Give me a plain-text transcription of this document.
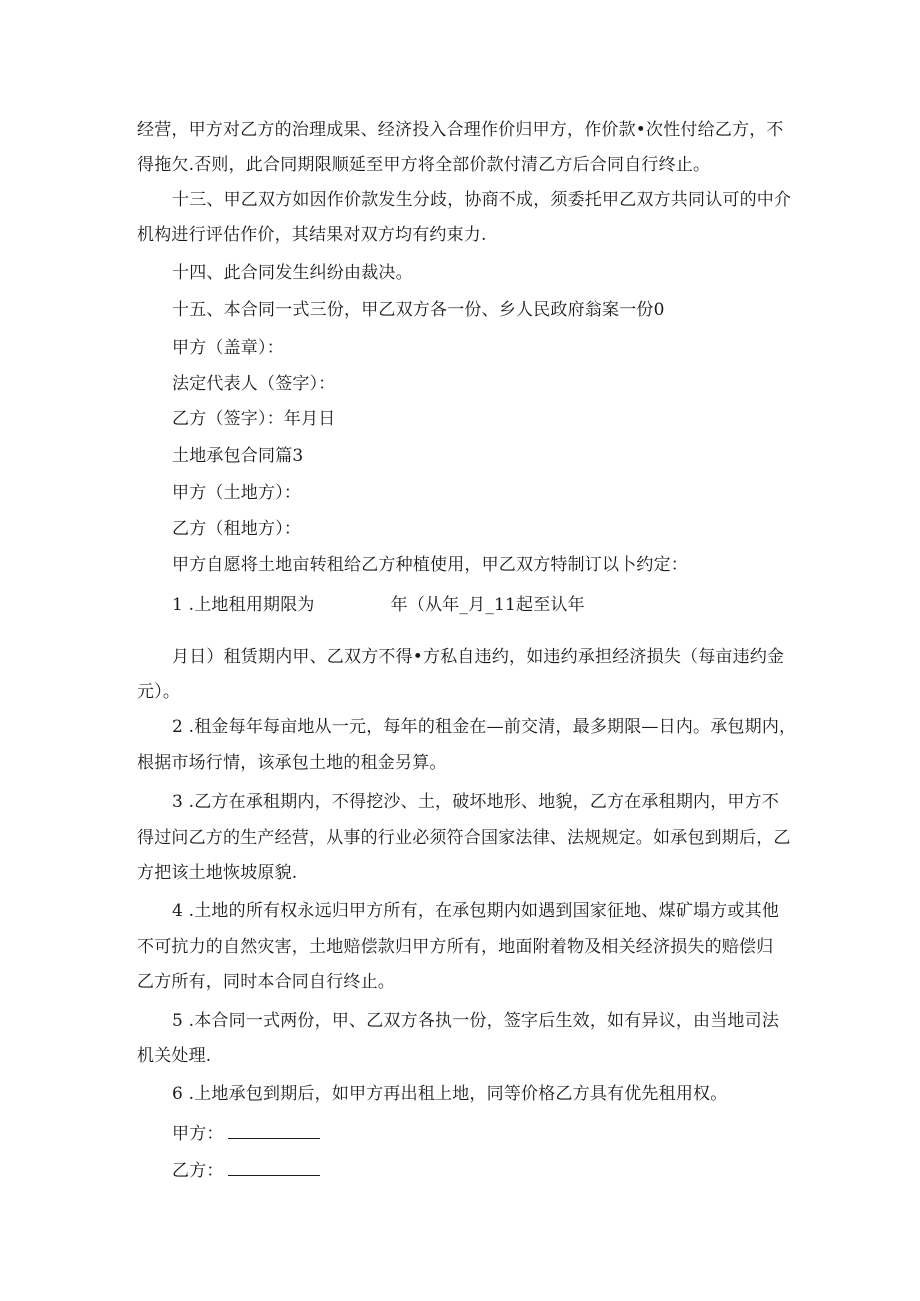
经营，甲方对乙方的治理成果、经济投入合理作价归甲方，作价款•次性付给乙方，不
得拖欠.否则，此合同期限顺延至甲方将全部价款付清乙方后合同自行终止。
十三、甲乙双方如因作价款发生分歧，协商不成，须委托甲乙双方共同认可的中介
机构进行评估作价，其结果对双方均有约束力.
十四、此合同发生纠纷由裁决。
十五、本合同一式三份，甲乙双方各一份、乡人民政府翁案一份0
甲方（盖章）：
法定代表人（签字）：
乙方（签字）：年月日
土地承包合同篇3
甲方（土地方）：
乙方（租地方）：
甲方自愿将土地亩转租给乙方种植使用，甲乙双方特制订以卜约定：
1 .上地租用期限为	年（从年_月_11起至认年
月日）租赁期内甲、乙双方不得•方私自违约，如违约承担经济损失（每亩违约金
元）。
2 .租金每年每亩地从一元，每年的租金在—前交清，最多期限—日内。承包期内，
根据市场行情，该承包土地的租金另算。
3 .乙方在承租期内，不得挖沙、土，破坏地形、地貌，乙方在承租期内，甲方不
得过问乙方的生产经营，从事的行业必须符合国家法律、法规规定。如承包到期后，乙
方把该土地恢坡原貌.
4 .土地的所有权永远归甲方所有，在承包期内如遇到国家征地、煤矿塌方或其他
不可抗力的自然灾害，土地赔偿款归甲方所有，地面附着物及相关经济损失的赔偿归
乙方所有，同时本合同自行终止。
5 .本合同一式两份，甲、乙双方各执一份，签字后生效，如有异议，由当地司法
机关处理.
6 .上地承包到期后，如甲方再出租上地，同等价格乙方具有优先租用权。
甲方：
乙方：
